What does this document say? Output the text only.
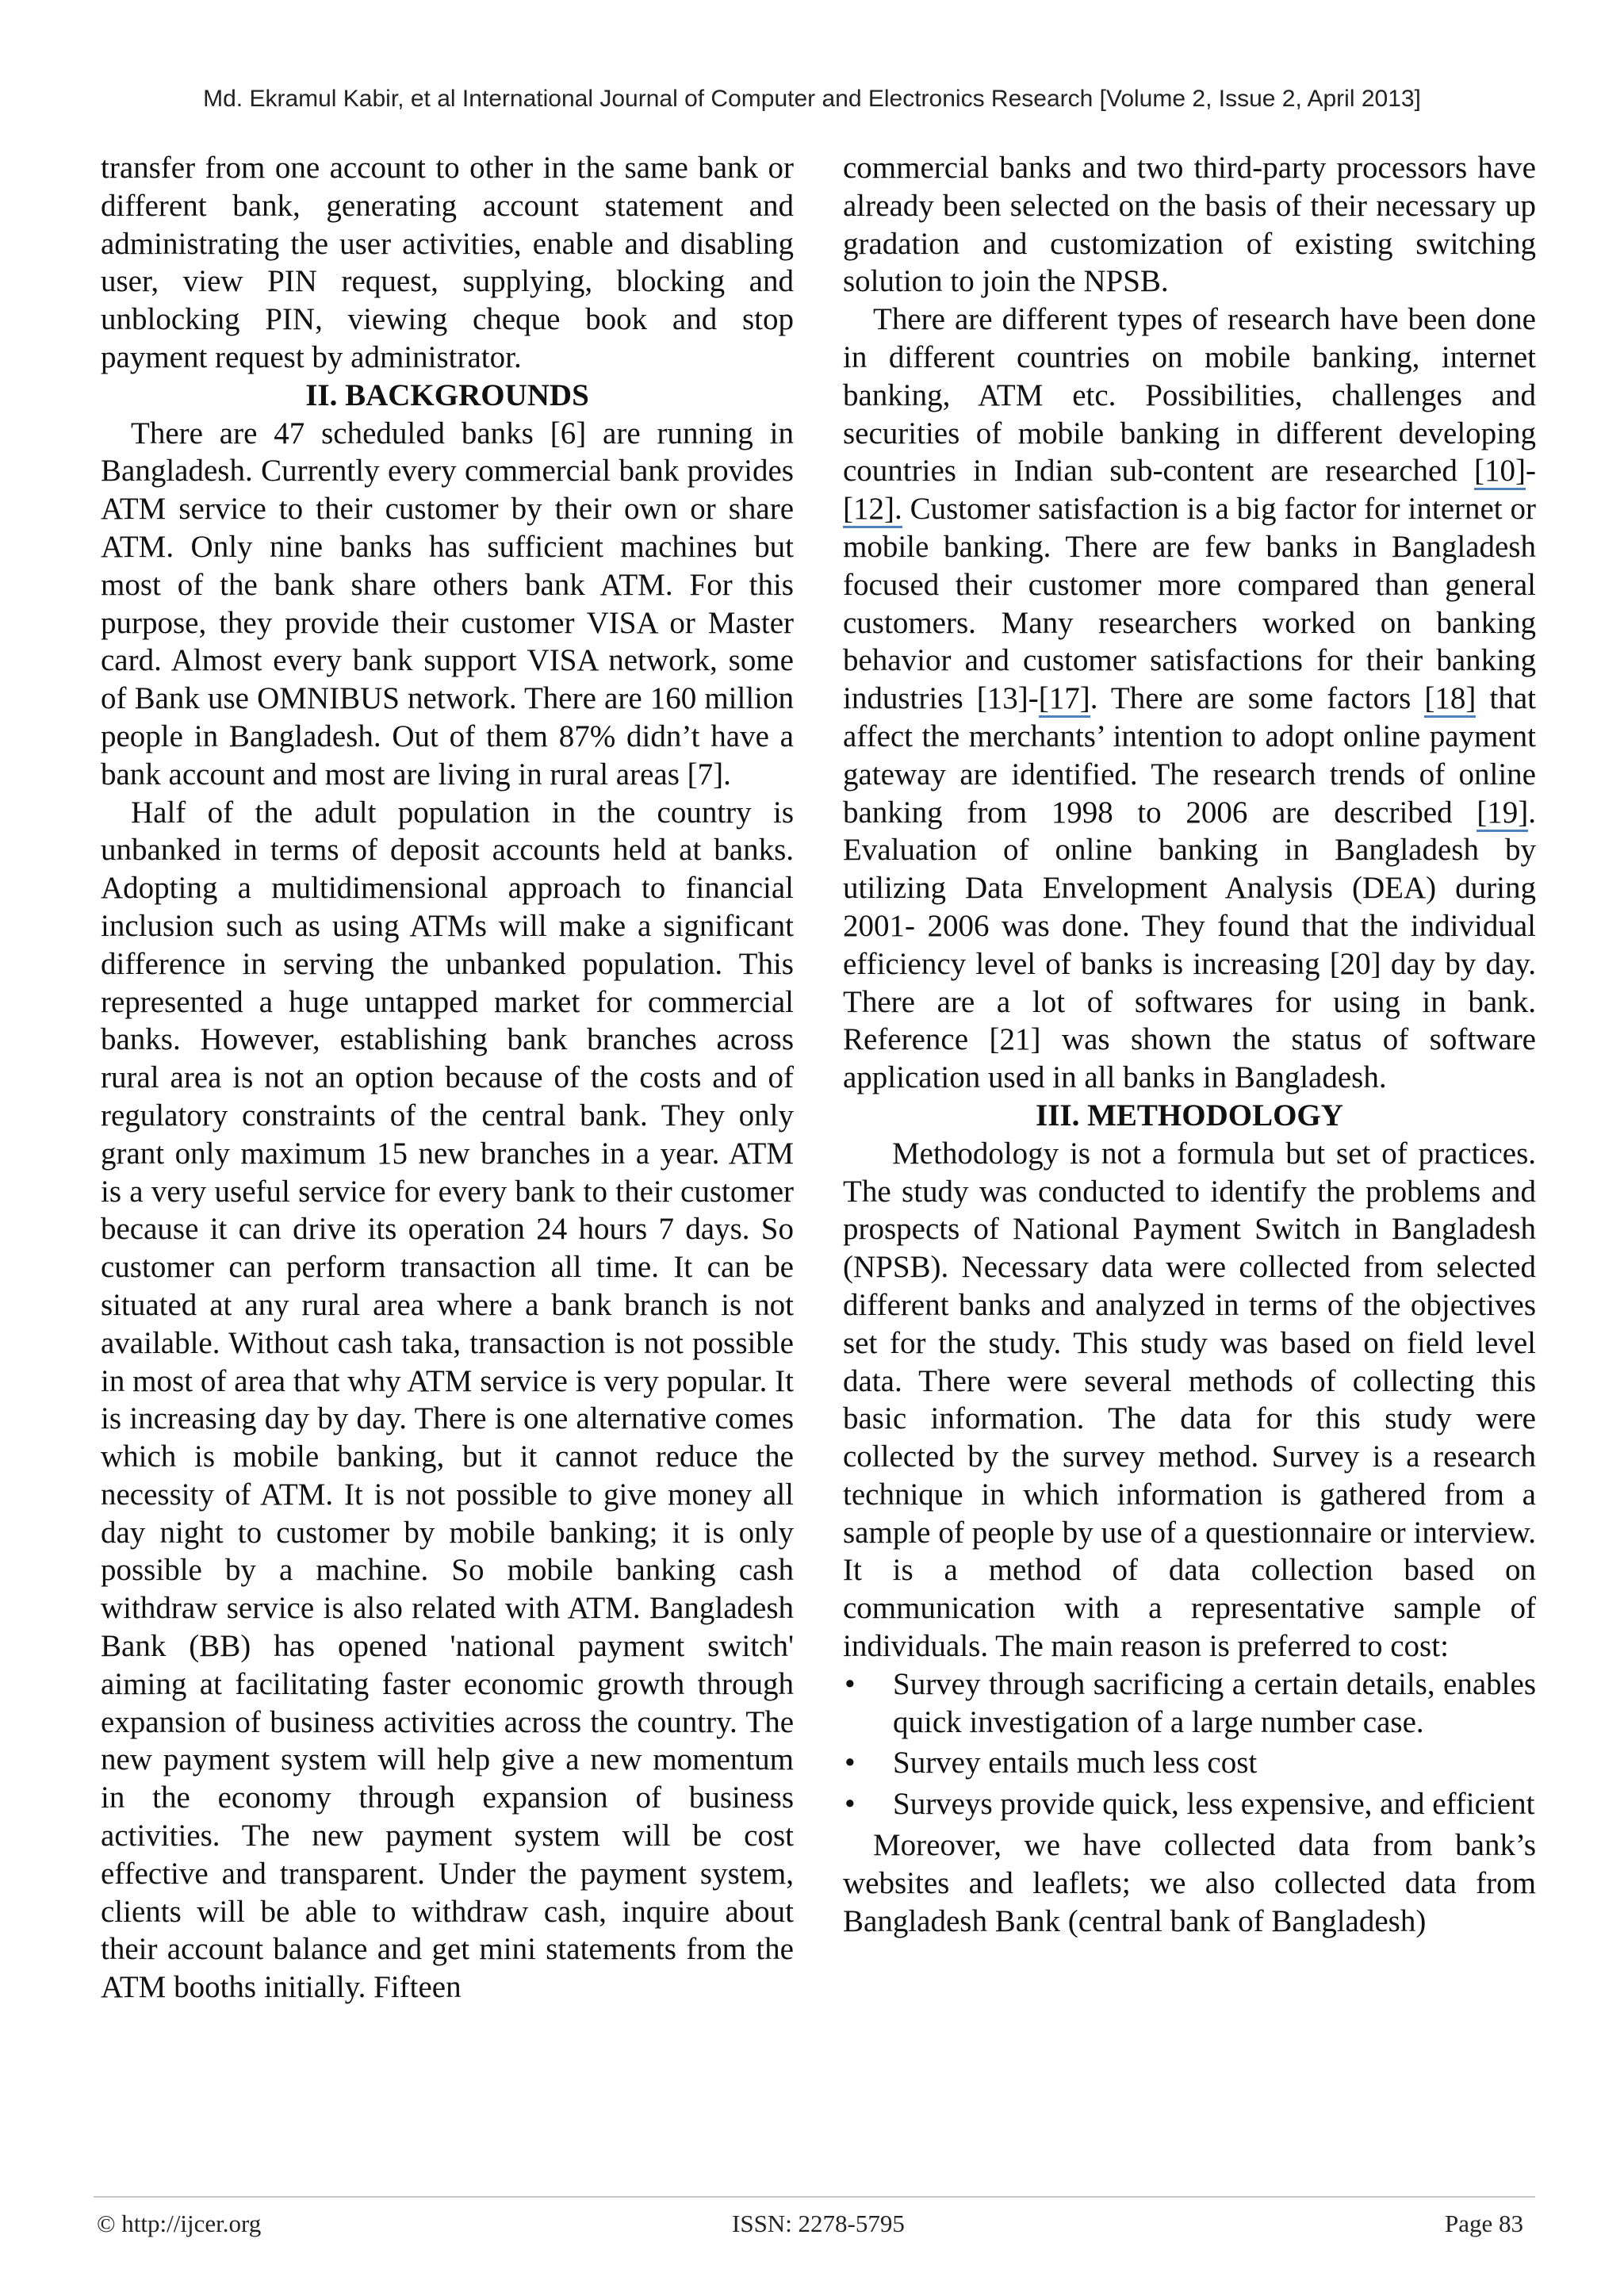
Md. Ekramul Kabir, et al International Journal of Computer and Electronics Research [Volume 2, Issue 2, April 2013]

transfer from one account to other in the same bank or different bank, generating account statement and administrating the user activities, enable and disabling user, view PIN request, supplying, blocking and unblocking PIN, viewing cheque book and stop payment request by administrator.

II. BACKGROUNDS

There are 47 scheduled banks [6] are running in Bangladesh. Currently every commercial bank provides ATM service to their customer by their own or share ATM. Only nine banks has sufficient machines but most of the bank share others bank ATM. For this purpose, they provide their customer VISA or Master card. Almost every bank support VISA network, some of Bank use OMNIBUS network. There are 160 million people in Bangladesh. Out of them 87% didn’t have a bank account and most are living in rural areas [7].

Half of the adult population in the country is unbanked in terms of deposit accounts held at banks. Adopting a multidimensional approach to financial inclusion such as using ATMs will make a significant difference in serving the unbanked population. This represented a huge untapped market for commercial banks. However, establishing bank branches across rural area is not an option because of the costs and of regulatory constraints of the central bank. They only grant only maximum 15 new branches in a year. ATM is a very useful service for every bank to their customer because it can drive its operation 24 hours 7 days. So customer can perform transaction all time. It can be situated at any rural area where a bank branch is not available. Without cash taka, transaction is not possible in most of area that why ATM service is very popular. It is increasing day by day. There is one alternative comes which is mobile banking, but it cannot reduce the necessity of ATM. It is not possible to give money all day night to customer by mobile banking; it is only possible by a machine. So mobile banking cash withdraw service is also related with ATM. Bangladesh Bank (BB) has opened 'national payment switch' aiming at facilitating faster economic growth through expansion of business activities across the country. The new payment system will help give a new momentum in the economy through expansion of business activities. The new payment system will be cost effective and transparent. Under the payment system, clients will be able to withdraw cash, inquire about their account balance and get mini statements from the ATM booths initially. Fifteen

commercial banks and two third-party processors have already been selected on the basis of their necessary up gradation and customization of existing switching solution to join the NPSB.

There are different types of research have been done in different countries on mobile banking, internet banking, ATM etc. Possibilities, challenges and securities of mobile banking in different developing countries in Indian sub-content are researched [10]-[12]. Customer satisfaction is a big factor for internet or mobile banking. There are few banks in Bangladesh focused their customer more compared than general customers. Many researchers worked on banking behavior and customer satisfactions for their banking industries [13]-[17]. There are some factors [18] that affect the merchants’ intention to adopt online payment gateway are identified. The research trends of online banking from 1998 to 2006 are described [19]. Evaluation of online banking in Bangladesh by utilizing Data Envelopment Analysis (DEA) during 2001- 2006 was done. They found that the individual efficiency level of banks is increasing [20] day by day. There are a lot of softwares for using in bank. Reference [21] was shown the status of software application used in all banks in Bangladesh.

III. METHODOLOGY

Methodology is not a formula but set of practices. The study was conducted to identify the problems and prospects of National Payment Switch in Bangladesh (NPSB). Necessary data were collected from selected different banks and analyzed in terms of the objectives set for the study. This study was based on field level data. There were several methods of collecting this basic information. The data for this study were collected by the survey method. Survey is a research technique in which information is gathered from a sample of people by use of a questionnaire or interview. It is a method of data collection based on communication with a representative sample of individuals. The main reason is preferred to cost:

• Survey through sacrificing a certain details, enables quick investigation of a large number case.
• Survey entails much less cost
• Surveys provide quick, less expensive, and efficient

Moreover, we have collected data from bank’s websites and leaflets; we also collected data from Bangladesh Bank (central bank of Bangladesh)

© http://ijcer.org	ISSN: 2278-5795	Page 83
